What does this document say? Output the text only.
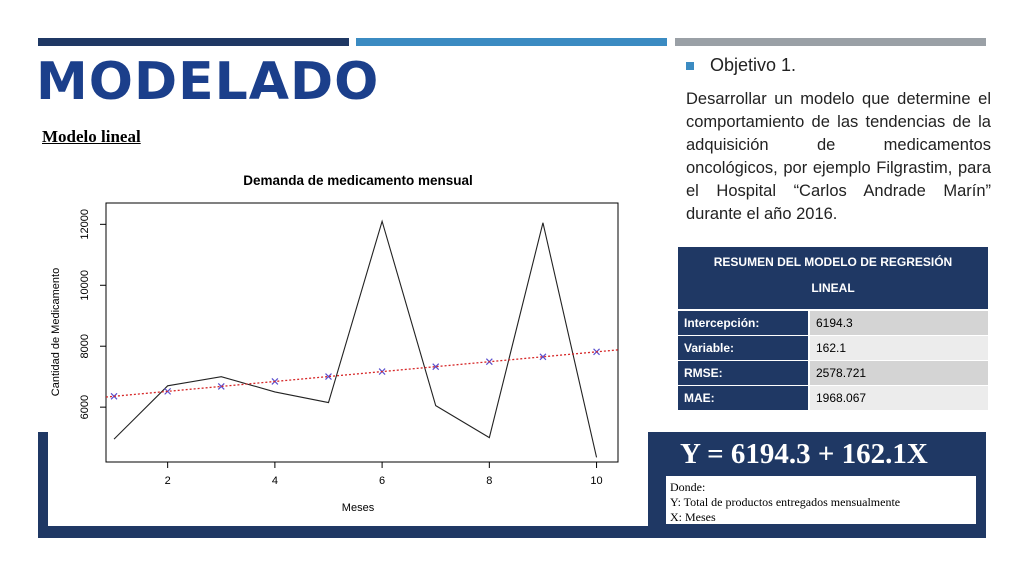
MODELADO
Modelo lineal
Demanda de medicamento mensual
Meses
Cantidad de Medicamento
2	4	6	8	10
6000
8000
10000
12000
Objetivo 1.
Desarrollar un modelo que determine el comportamiento de las tendencias de la adquisición de medicamentos oncológicos, por ejemplo Filgrastim, para el Hospital “Carlos Andrade Marín” durante el año 2016.
RESUMEN DEL MODELO DE REGRESIÓN
LINEAL
Intercepción:	6194.3
Variable:	162.1
RMSE:	2578.721
MAE:	1968.067
Y = 6194.3 + 162.1X
Donde:
Y: Total de productos entregados mensualmente
X: Meses
